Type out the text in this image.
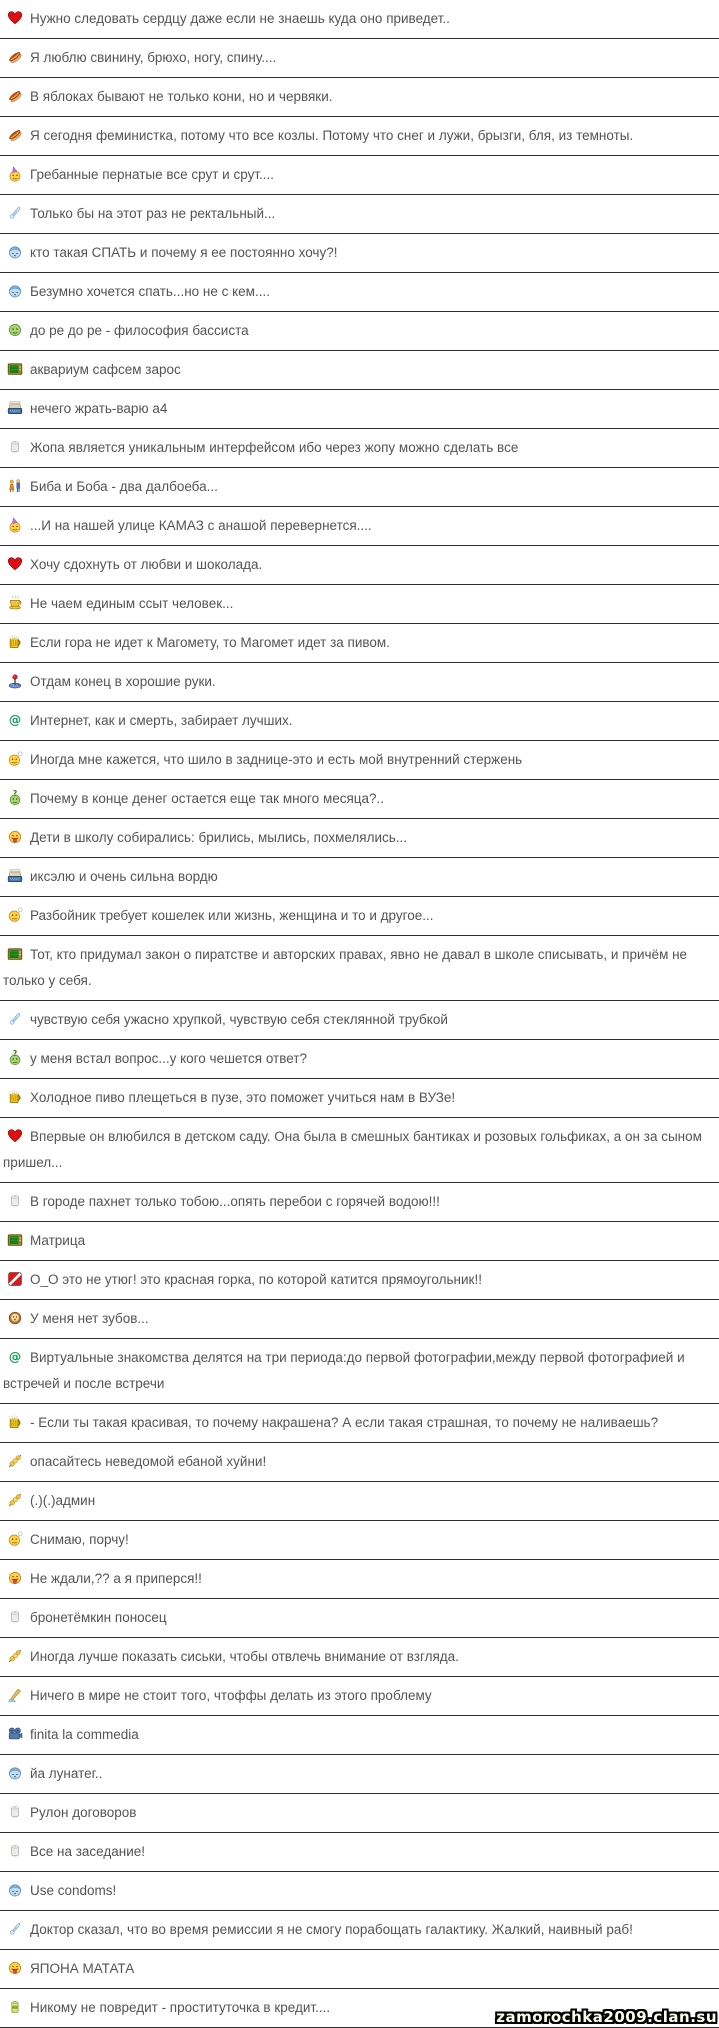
Нужно следовать сердцу даже если не знаешь куда оно приведет..
Я люблю свинину, брюхо, ногу, спину....
В яблоках бывают не только кони, но и червяки.
Я сегодня феминистка, потому что все козлы. Потому что снег и лужи, брызги, бля, из темноты.
Гребанные пернатые все срут и срут....
Только бы на этот раз не ректальный...
кто такая СПАТЬ и почему я ее постоянно хочу?!
Безумно хочется спать...но не с кем....
до ре до ре - философия бассиста
аквариум сафсем зарос
нечего жрать-варю а4
Жопа является уникальным интерфейсом ибо через жопу можно сделать все
Биба и Боба - два далбоеба...
...И на нашей улице КАМАЗ с анашой перевернется....
Хочу сдохнуть от любви и шоколада.
Не чаем единым ссыт человек...
Если гора не идет к Магомету, то Магомет идет за пивом.
Отдам конец в хорошие руки.
Интернет, как и смерть, забирает лучших.
Иногда мне кажется, что шило в заднице-это и есть мой внутренний стержень
Почему в конце денег остается еще так много месяца?..
Дети в школу собирались: брились, мылись, похмелялись...
иксэлю и очень сильна вордю
Разбойник требует кошелек или жизнь, женщина и то и другое...
Тот, кто придумал закон о пиратстве и авторских правах, явно не давал в школе списывать, и причём не только у себя.
чувствую себя ужасно хрупкой, чувствую себя стеклянной трубкой
у меня встал вопрос...у кого чешется ответ?
Холодное пиво плещеться в пузе, это поможет учиться нам в ВУЗе!
Впервые он влюбился в детском саду. Она была в смешных бантиках и розовых гольфиках, а он за сыном пришел...
В городе пахнет только тобою...опять перебои с горячей водою!!!
Матрица
О_О это не утюг! это красная горка, по которой катится прямоугольник!!
У меня нет зубов...
Виртуальные знакомства делятся на три периода:до первой фотографии,между первой фотографией и встречей и после встречи
- Если ты такая красивая, то почему накрашена? А если такая страшная, то почему не наливаешь?
опасайтесь неведомой ебаной хуйни!
(.)(.)админ
Снимаю, порчу!
Не ждали,?? а я приперся!!
бронетёмкин поносец
Иногда лучше показать сиськи, чтобы отвлечь внимание от взгляда.
Ничего в мире не стоит того, чтоффы делать из этого проблему
finita la commedia
йа лунатег..
Рулон договоров
Все на заседание!
Use condoms!
Доктор сказал, что во время ремиссии я не смогу порабощать галактику. Жалкий, наивный раб!
ЯПОНА МАТАТА
Никому не повредит - проституточка в кредит....
zamorochka2009.clan.su
